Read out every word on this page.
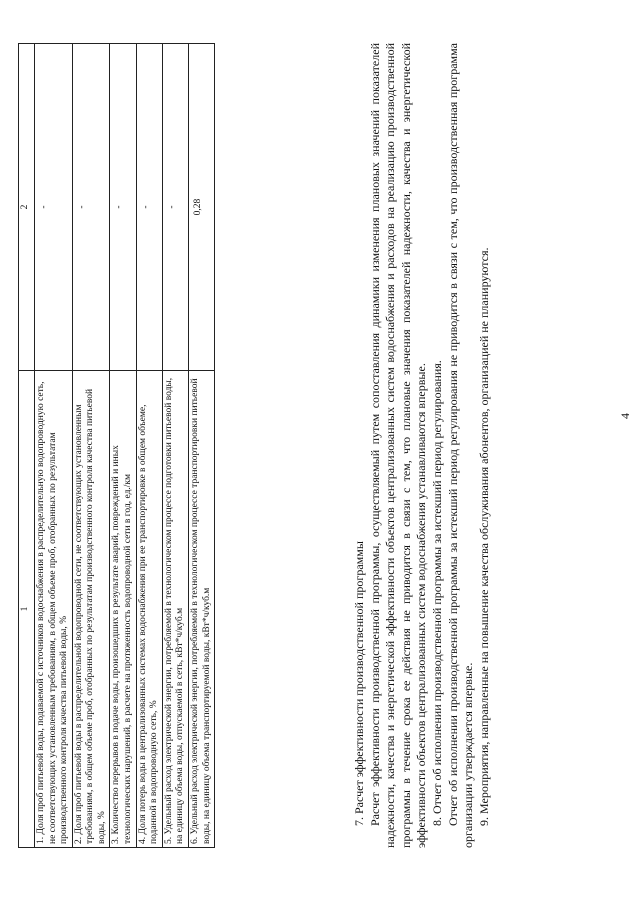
4
1	2
1. Доля проб питьевой воды, подаваемой с источников водоснабжения в распределительную водопроводную сеть, не соответствующих установленным требованиям, в общем объеме проб, отобранных по результатам производственного контроля качества питьевой воды, %	-
2. Доля проб питьевой воды в распределительной водопроводной сети, не соответствующих установленным требованиям, в общем объеме проб, отобранных по результатам производственного контроля качества питьевой воды, %	-
3. Количество перерывов в подаче воды, произошедших в результате аварий, повреждений и иных технологических нарушений, в расчете на протяженность водопроводной сети в год, ед./км	-
4. Доля потерь воды в централизованных системах водоснабжения при ее транспортировке в общем объеме, поданной в водопроводную сеть, %	-
5. Удельный расход электрической энергии, потребляемой в технологическом процессе подготовки питьевой воды, на единицу объема воды, отпускаемой в сеть, кВт*ч/куб.м	-
6. Удельный расход электрической энергии, потребляемой в технологическом процессе транспортировки питьевой воды, на единицу объема транспортируемой воды, кВт*ч/куб.м	0,28

7. Расчет эффективности производственной программы Расчет эффективности производственной программы, осуществляемый путем сопоставления динамики изменения плановых значений показателей надежности, качества и энергетической эффективности объектов централизованных систем водоснабжения и расходов на реализацию производственной программы в течение срока ее действия не приводится в связи с тем, что плановые значения показателей надежности, качества и энергетической эффективности объектов централизованных систем водоснабжения устанавливаются впервые. 8. Отчет об исполнении производственной программы за истекший период регулирования. Отчет об исполнении производственной программы за истекший период регулирования не приводится в связи с тем, что производственная программа организации утверждается впервые. 9. Мероприятия, направленные на повышение качества обслуживания абонентов, организацией не планируются.
